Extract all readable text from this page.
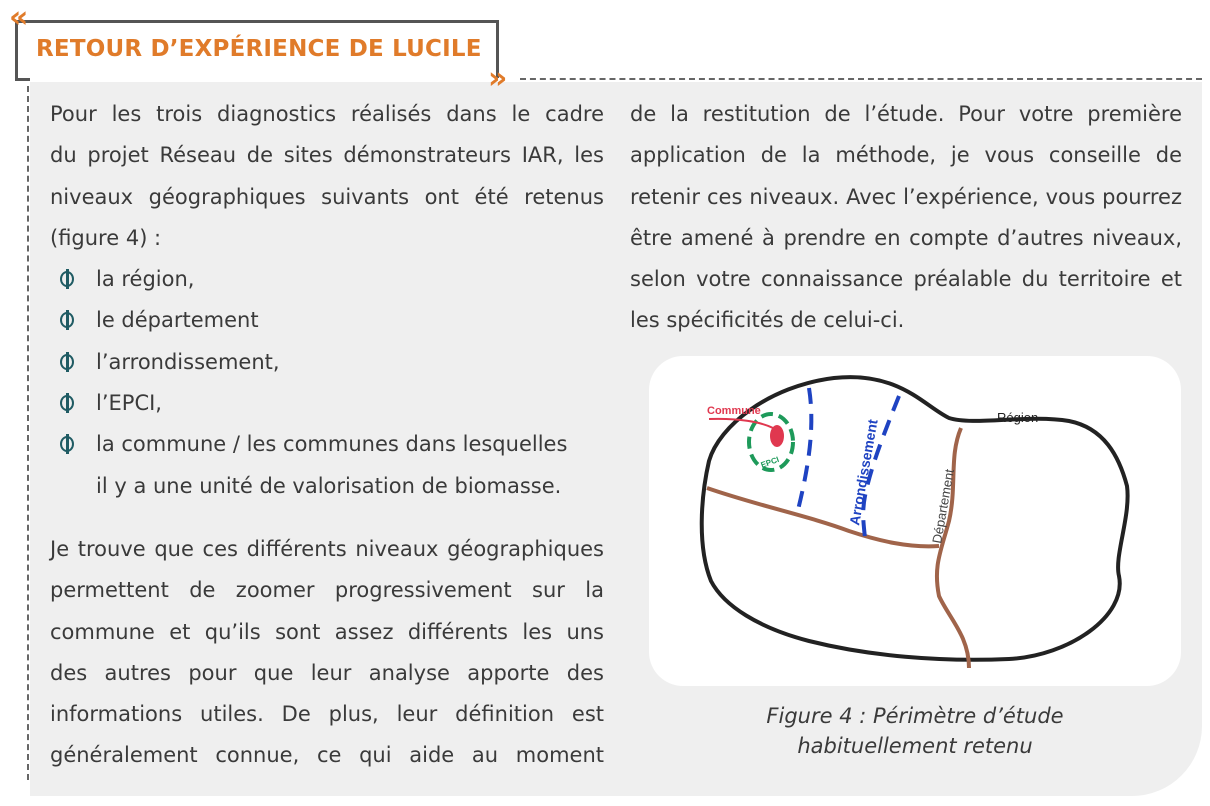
«
RETOUR D’EXPÉRIENCE DE LUCILE
»

Pour les trois diagnostics réalisés dans le cadre

du projet Réseau de sites démonstrateurs IAR, les

niveaux géographiques suivants ont été retenus

(figure 4) :

la région,
le département
l’arrondissement,
l’EPCI,
la commune / les communes dans lesquelles
il y a une unité de valorisation de biomasse.

Je trouve que ces différents niveaux géographiques

permettent de zoomer progressivement sur la

commune et qu’ils sont assez différents les uns

des autres pour que leur analyse apporte des

informations utiles. De plus, leur définition est

généralement connue, ce qui aide au moment

de la restitution de l’étude. Pour votre première

application de la méthode, je vous conseille de

retenir ces niveaux. Avec l’expérience, vous pourrez

être amené à prendre en compte d’autres niveaux,

selon votre connaissance préalable du territoire et

les spécificités de celui-ci.

Commune
EPCI
Région
Arrondissement	Département
Figure 4 : Périmètre d’étude
habituellement retenu
